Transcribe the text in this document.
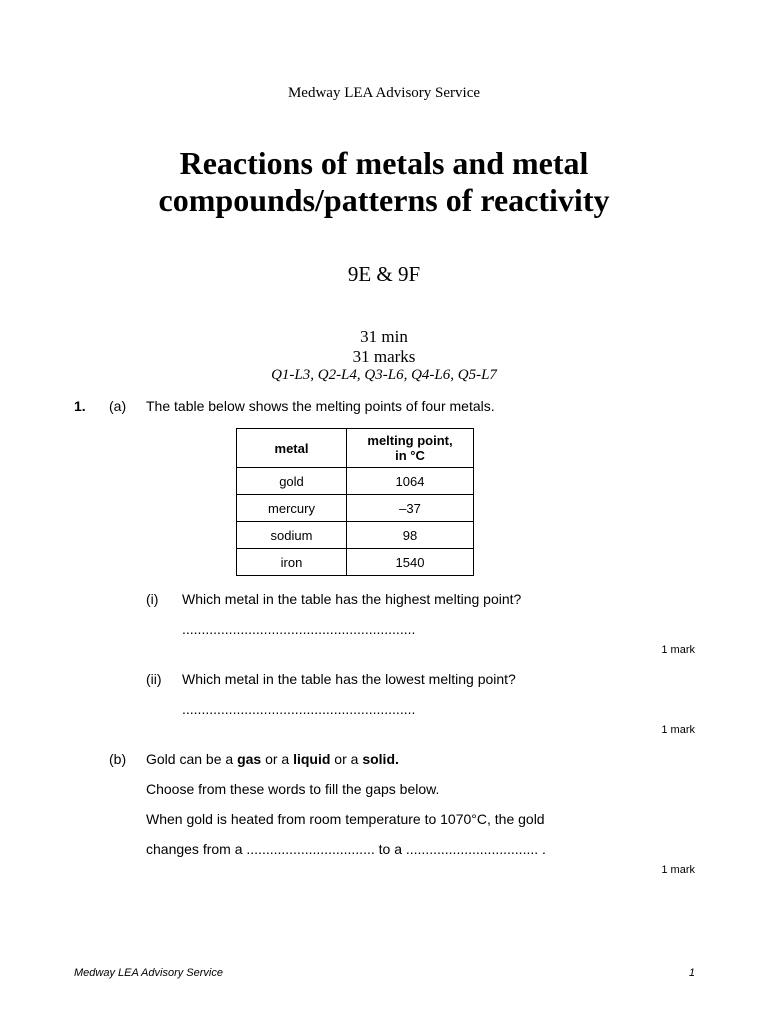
Medway LEA Advisory Service
Reactions of metals and metal
compounds/patterns of reactivity
9E & 9F
31 min
31 marks
Q1-L3, Q2-L4, Q3-L6, Q4-L6, Q5-L7
1. (a) The table below shows the melting points of four metals.
metal	melting point,
in °C

gold	1064
mercury	–37
sodium	98
iron	1540
(i) Which metal in the table has the highest melting point?
............................................................
1 mark
(ii) Which metal in the table has the lowest melting point?
............................................................
1 mark
(b) Gold can be a gas or a liquid or a solid.
Choose from these words to fill the gaps below.
When gold is heated from room temperature to 1070°C, the gold
changes from a ................................. to a .................................. .
1 mark
Medway LEA Advisory Service	1
